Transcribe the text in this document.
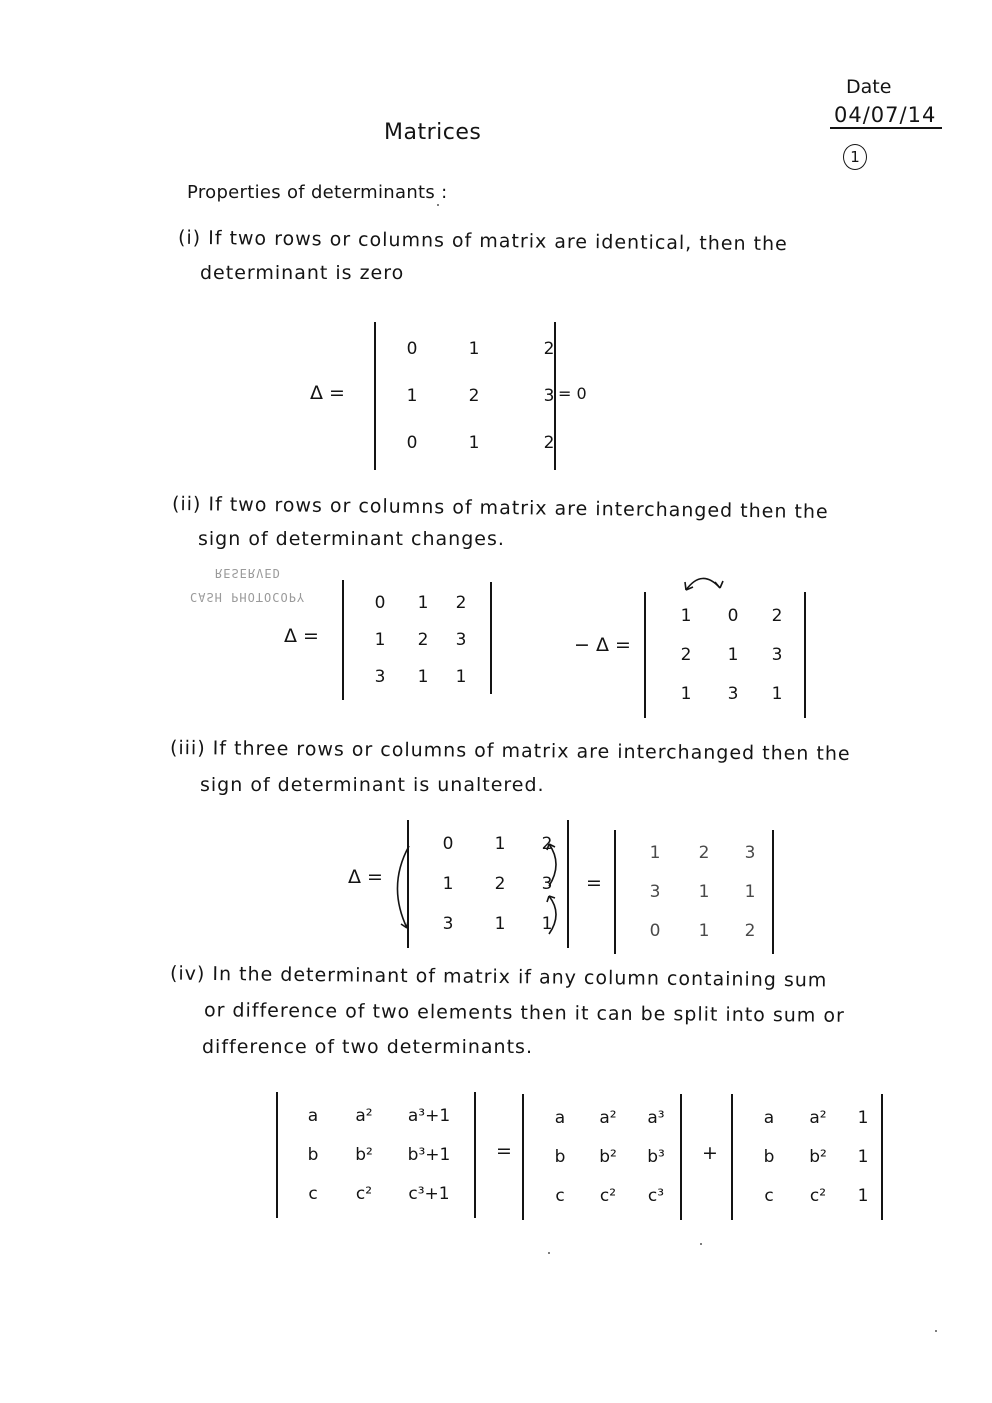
Date
04/07/14
1
Matrices
Properties of determinants :
(i) If two rows or columns of matrix are identical, then the
determinant is zero
Δ =
0	1	2
1	2	3
0	1	2
= 0
(ii) If two rows or columns of matrix are interchanged then the
sign of determinant changes.
RESERVED
CASH PHOTOCOPY
Δ =
0	1	2
1	2	3
3	1	1
− Δ =
1	0	2
2	1	3
1	3	1
(iii) If three rows or columns of matrix are interchanged then the
sign of determinant is unaltered.
Δ =
0	1	2
1	2	3
3	1	1
=
1	2	3
3	1	1
0	1	2
(iv) In the determinant of matrix if any column containing sum
or difference of two elements then it can be split into sum or
difference of two determinants.
a	a²	a³+1
b	b²	b³+1
c	c²	c³+1
=
a	a²	a³
b	b²	b³
c	c²	c³
+
a	a²	1
b	b²	1
c	c²	1
